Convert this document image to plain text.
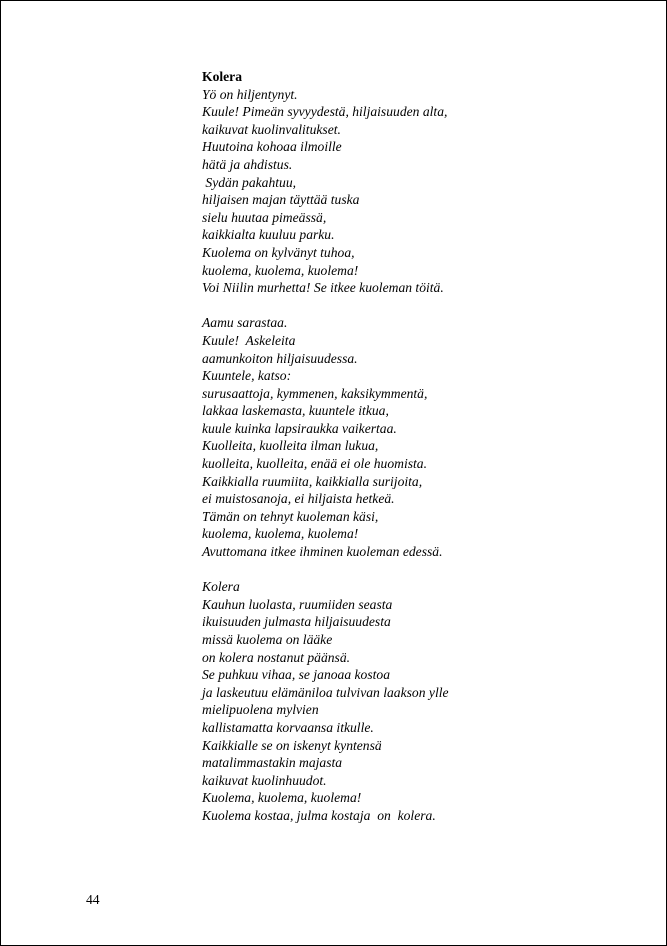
Kolera
Yö on hiljentynyt.
Kuule! Pimeän syvyydestä, hiljaisuuden alta,
kaikuvat kuolinvalitukset.
Huutoina kohoaa ilmoille
hätä ja ahdistus.
Sydän pakahtuu,
hiljaisen majan täyttää tuska
sielu huutaa pimeässä,
kaikkialta kuuluu parku.
Kuolema on kylvänyt tuhoa,
kuolema, kuolema, kuolema!
Voi Niilin murhetta! Se itkee kuoleman töitä.
Aamu sarastaa.
Kuule!  Askeleita
aamunkoiton hiljaisuudessa.
Kuuntele, katso:
surusaattoja, kymmenen, kaksikymmentä,
lakkaa laskemasta, kuuntele itkua,
kuule kuinka lapsiraukka vaikertaa.
Kuolleita, kuolleita ilman lukua,
kuolleita, kuolleita, enää ei ole huomista.
Kaikkialla ruumiita, kaikkialla surijoita,
ei muistosanoja, ei hiljaista hetkeä.
Tämän on tehnyt kuoleman käsi,
kuolema, kuolema, kuolema!
Avuttomana itkee ihminen kuoleman edessä.
Kolera
Kauhun luolasta, ruumiiden seasta
ikuisuuden julmasta hiljaisuudesta
missä kuolema on lääke
on kolera nostanut päänsä.
Se puhkuu vihaa, se janoaa kostoa
ja laskeutuu elämäniloa tulvivan laakson ylle
mielipuolena mylvien
kallistamatta korvaansa itkulle.
Kaikkialle se on iskenyt kyntensä
matalimmastakin majasta
kaikuvat kuolinhuudot.
Kuolema, kuolema, kuolema!
Kuolema kostaa, julma kostaja  on  kolera.
44
